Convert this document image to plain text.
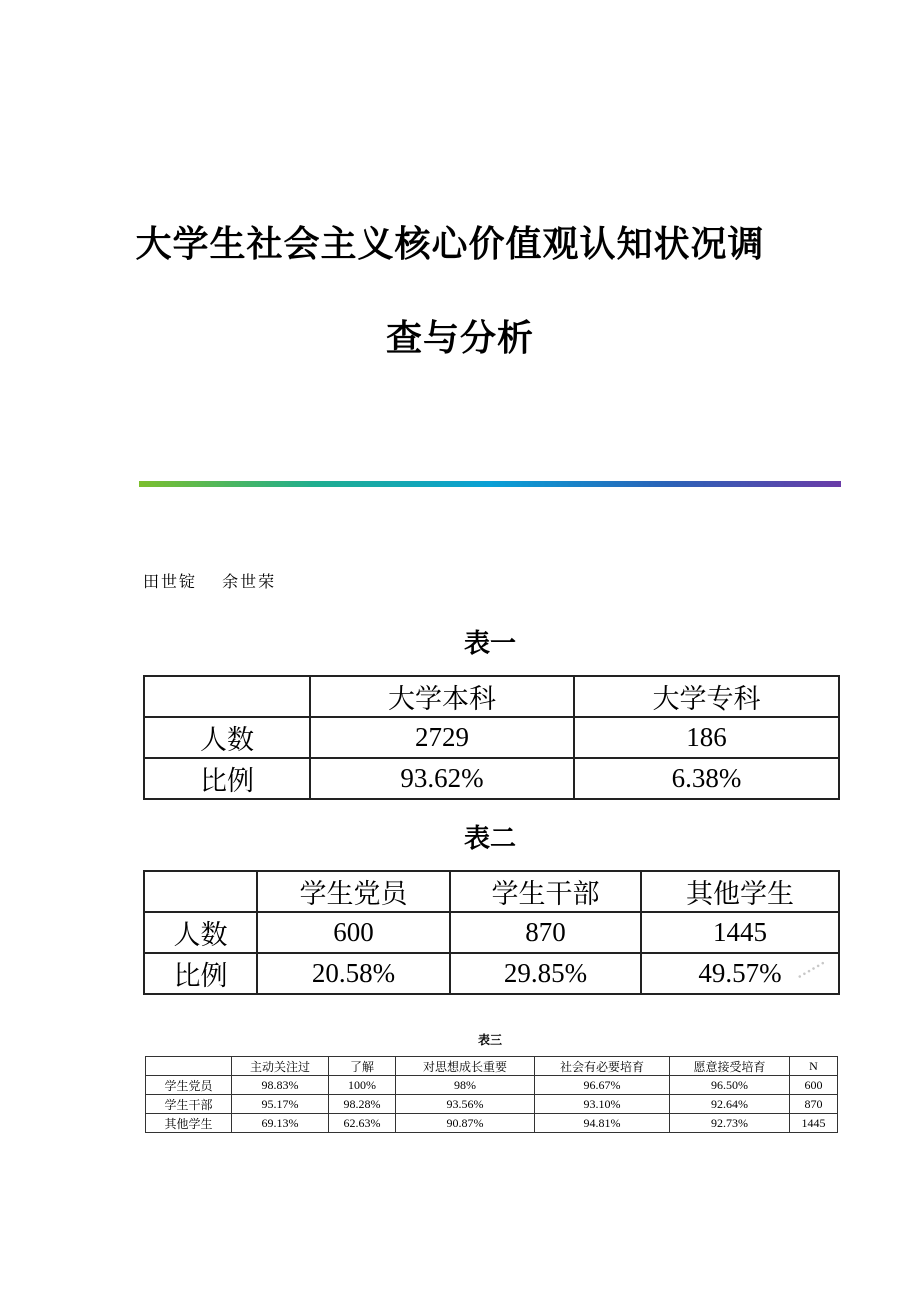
大学生社会主义核心价值观认知状况调
查与分析
田世锭 余世荣
表一
	大学本科	大学专科
人数	2729	186
比例	93.62%	6.38%
表二
	学生党员	学生干部	其他学生
人数	600	870	1445
比例	20.58%	29.85%	49.57% ••••••
表三
	主动关注过	了解	对思想成长重要	社会有必要培育	愿意接受培育	N
学生党员	98.83%	100%	98%	96.67%	96.50%	600
学生干部	95.17%	98.28%	93.56%	93.10%	92.64%	870
其他学生	69.13%	62.63%	90.87%	94.81%	92.73%	1445
